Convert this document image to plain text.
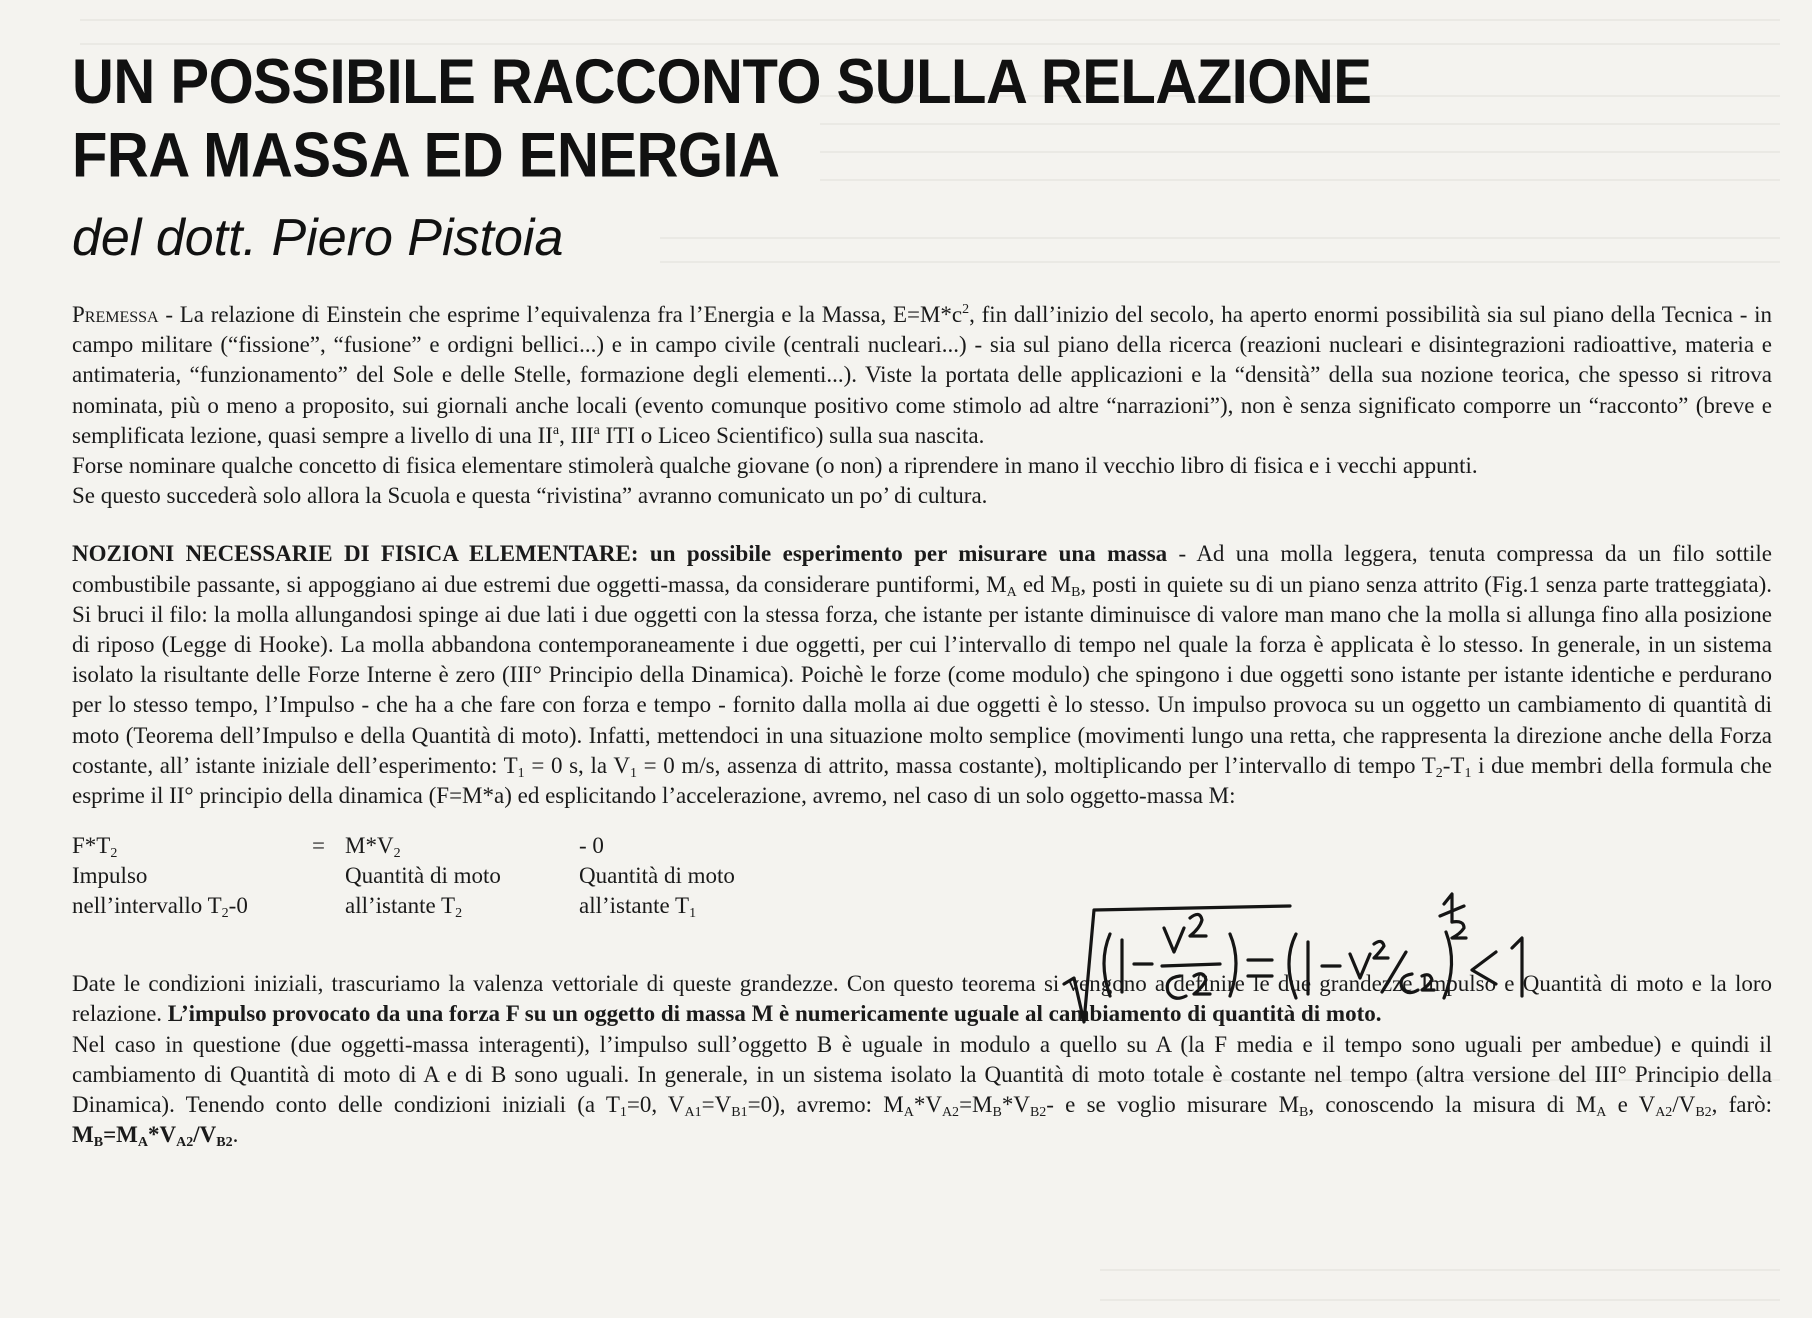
UN POSSIBILE RACCONTO SULLA RELAZIONE
FRA MASSA ED ENERGIA
del dott. Piero Pistoia

Premessa - La relazione di Einstein che esprime l’equivalenza fra l’Energia e la Massa, $E=M*c^2$, fin dall’inizio del secolo, ha aperto enormi possibilità sia sul piano della Tecnica - in campo militare (“fissione”, “fusione” e ordigni bellici...) e in campo civile (centrali nucleari...) - sia sul piano della ricerca (reazioni nucleari e disintegrazioni radioattive, materia e antimateria, “funzionamento” del Sole e delle Stelle, formazione degli elementi...). Viste la portata delle applicazioni e la “densità” della sua nozione teorica, che spesso si ritrova nominata, più o meno a proposito, sui giornali anche locali (evento comunque positivo come stimolo ad altre “narrazioni”), non è senza significato comporre un “racconto” (breve e semplificata lezione, quasi sempre a livello di una $II^a$, III$^a$ ITI o Liceo Scientifico) sulla sua nascita.

Forse nominare qualche concetto di fisica elementare stimolerà qualche giovane (o non) a riprendere in mano il vecchio libro di fisica e i vecchi appunti.

Se questo succederà solo allora la Scuola e questa “rivistina” avranno comunicato un po’ di cultura.

NOZIONI NECESSARIE DI FISICA ELEMENTARE: un possibile esperimento per misurare una massa - Ad una molla leggera, tenuta compressa da un filo sottile combustibile passante, si appoggiano ai due estremi due oggetti-massa, da considerare puntiformi, $M_A$ ed $M_B$, posti in quiete su di un piano senza attrito (Fig.1 senza parte tratteggiata). Si bruci il filo: la molla allungandosi spinge ai due lati i due oggetti con la stessa forza, che istante per istante diminuisce di valore man mano che la molla si allunga fino alla posizione di riposo (Legge di Hooke). La molla abbandona contemporaneamente i due oggetti, per cui l’intervallo di tempo nel quale la forza è applicata è lo stesso. In generale, in un sistema isolato la risultante delle Forze Interne è zero (III° Principio della Dinamica). Poichè le forze (come modulo) che spingono i due oggetti sono istante per istante identiche e perdurano per lo stesso tempo, l’Impulso - che ha a che fare con forza e tempo - fornito dalla molla ai due oggetti è lo stesso. Un impulso provoca su un oggetto un cambiamento di quantità di moto (Teorema dell’Impulso e della Quantità di moto). Infatti, mettendoci in una situazione molto semplice (movimenti lungo una retta, che rappresenta la direzione anche della Forza costante, all’ istante iniziale dell’esperimento: $T_1 = 0$ s, la $V_1 = 0$ m/s, assenza di attrito, massa costante), moltiplicando per l’intervallo di tempo $T_2-T_1$ i due membri della formula che esprime il II° principio della dinamica (F=M*a) ed esplicitando l’accelerazione, avremo, nel caso di un solo oggetto-massa M:

$F*T_2$
Impulso
nell’intervallo $T_2-0$
= $M*V_2$
Quantità di moto
all’istante $T_2$
- 0
Quantità di moto
all’istante $T_1$

Date le condizioni iniziali, trascuriamo la valenza vettoriale di queste grandezze. Con questo teorema si vengono a definire le due grandezze Impulso e Quantità di moto e la loro relazione. L’impulso provocato da una forza F su un oggetto di massa M è numericamente uguale al cambiamento di quantità di moto.

Nel caso in questione (due oggetti-massa interagenti), l’impulso sull’oggetto B è uguale in modulo a quello su A (la F media e il tempo sono uguali per ambedue) e quindi il cambiamento di Quantità di moto di A e di B sono uguali. In generale, in un sistema isolato la Quantità di moto totale è costante nel tempo (altra versione del III° Principio della Dinamica). Tenendo conto delle condizioni iniziali (a $T_1=0$, $V_{A1}=V_{B1}=0$), avremo: $M_A*V_{A2}=M_B*V_{B2}-$ e se voglio misurare $M_B$, conoscendo la misura di $M_A$ e $V_{A2}/V_{B2}$, farò: $M_B=M_A*V_{A2}/V_{B2}$.
